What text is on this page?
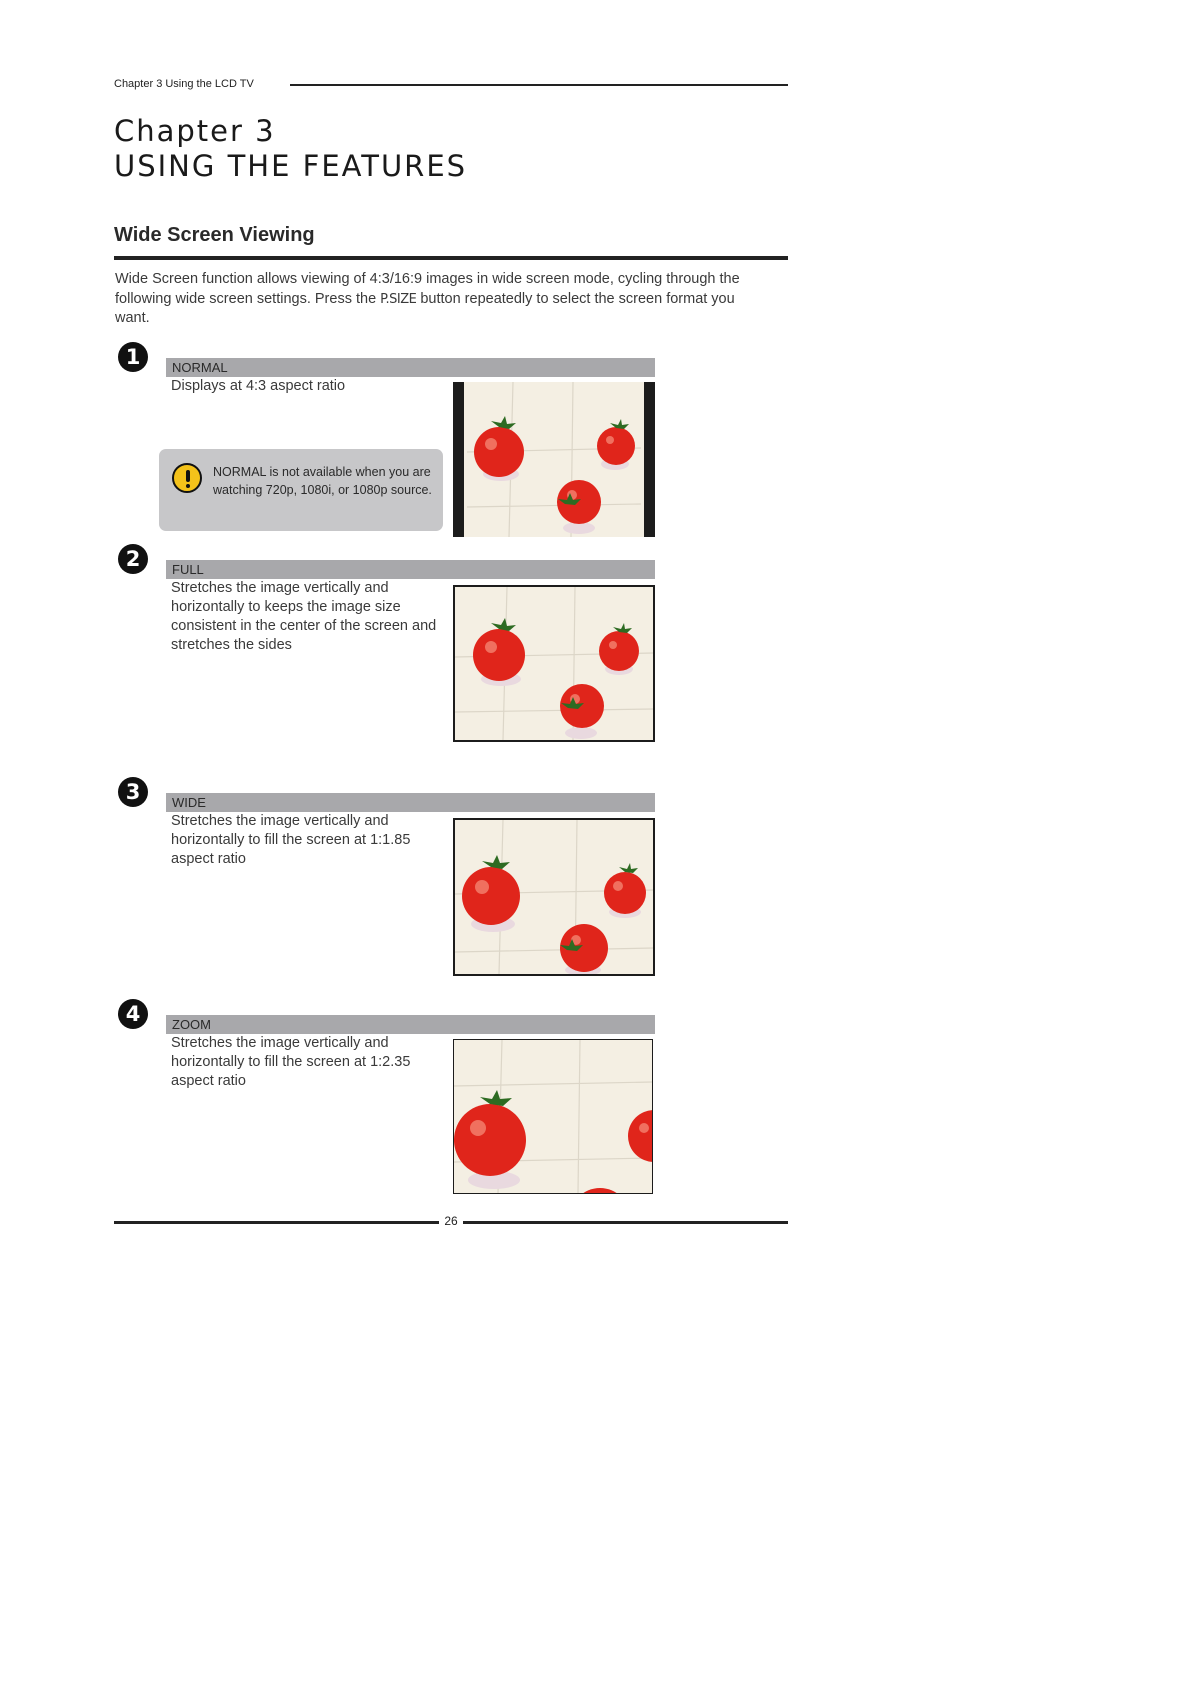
Chapter 3 Using the LCD TV
Chapter 3
USING THE FEATURES
Wide Screen Viewing
Wide Screen function allows viewing of 4:3/16:9 images in wide screen mode, cycling through the following wide screen settings. Press the P.SIZE button repeatedly to select the screen format you want.
1	NORMAL
Displays at 4:3 aspect ratio
NORMAL is not available when you are watching 720p, 1080i, or 1080p source.
2	FULL
Stretches the image vertically and horizontally to keeps the image size consistent in the center of the screen and stretches the sides
3	WIDE
Stretches the image vertically and horizontally to fill the screen at 1:1.85 aspect ratio
4	ZOOM
Stretches the image vertically and horizontally to fill the screen at 1:2.35 aspect ratio
26
